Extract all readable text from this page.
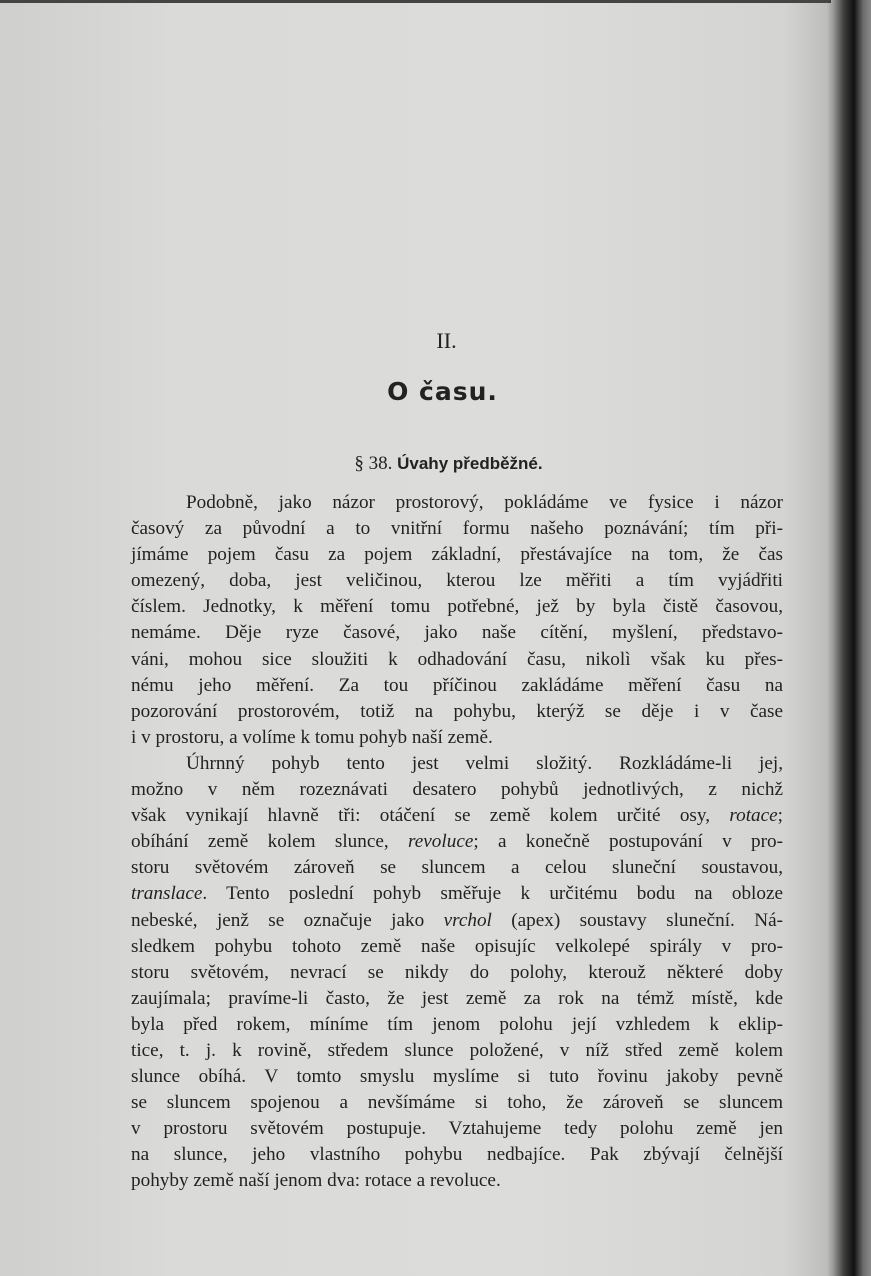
II.
O času.
§ 38. Úvahy předběžné.
Podobně, jako názor prostorový, pokládáme ve fysice i názor
časový za původní a to vnitřní formu našeho poznávání; tím při-
jímáme pojem času za pojem základní, přestávajíce na tom, že čas
omezený, doba, jest veličinou, kterou lze měřiti a tím vyjádřiti
číslem. Jednotky, k měření tomu potřebné, jež by byla čistě časovou,
nemáme. Děje ryze časové, jako naše cítění, myšlení, představo-
váni, mohou sice sloužiti k odhadování času, nikolì však ku přes-
nému jeho měření. Za tou příčinou zakládáme měření času na
pozorování prostorovém, totiž na pohybu, kterýž se děje i v čase
i v prostoru, a volíme k tomu pohyb naší země.
Úhrnný pohyb tento jest velmi složitý. Rozkládáme-li jej,
možno v něm rozeznávati desatero pohybů jednotlivých, z nichž
však vynikají hlavně tři: otáčení se země kolem určité osy, rotace;
obíhání země kolem slunce, revoluce; a konečně postupování v pro-
storu světovém zároveň se sluncem a celou sluneční soustavou,
translace. Tento poslední pohyb směřuje k určitému bodu na obloze
nebeské, jenž se označuje jako vrchol (apex) soustavy sluneční. Ná-
sledkem pohybu tohoto země naše opisujíc velkolepé spirály v pro-
storu světovém, nevrací se nikdy do polohy, kterouž některé doby
zaujímala; pravíme-li často, že jest země za rok na témž místě, kde
byla před rokem, míníme tím jenom polohu její vzhledem k eklip-
tice, t. j. k rovině, středem slunce položené, v níž střed země kolem
slunce obíhá. V tomto smyslu myslíme si tuto řovinu jakoby pevně
se sluncem spojenou a nevšímáme si toho, že zároveň se sluncem
v prostoru světovém postupuje. Vztahujeme tedy polohu země jen
na slunce, jeho vlastního pohybu nedbajíce. Pak zbývají čelnější
pohyby země naší jenom dva: rotace a revoluce.
